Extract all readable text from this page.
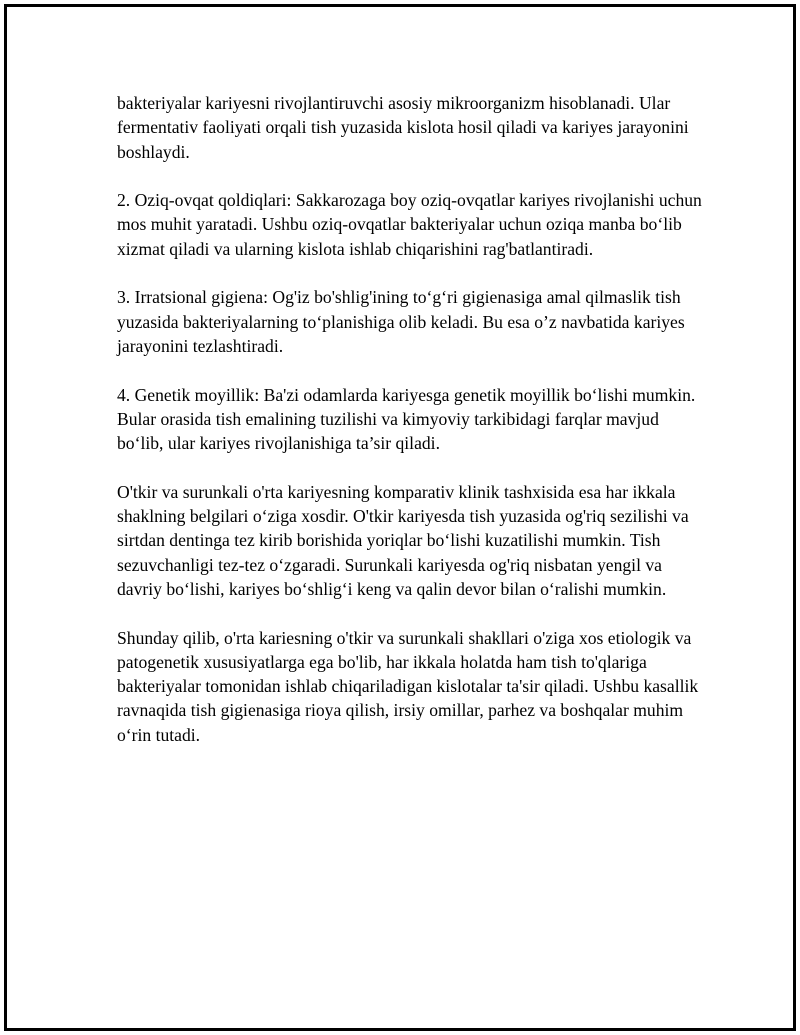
bakteriyalar kariyesni rivojlantiruvchi asosiy mikroorganizm hisoblanadi. Ular fermentativ faoliyati orqali tish yuzasida kislota hosil qiladi va kariyes jarayonini boshlaydi.

2. Oziq-ovqat qoldiqlari: Sakkarozaga boy oziq-ovqatlar kariyes rivojlanishi uchun mos muhit yaratadi. Ushbu oziq-ovqatlar bakteriyalar uchun oziqa manba bo‘lib xizmat qiladi va ularning kislota ishlab chiqarishini rag'batlantiradi.

3. Irratsional gigiena: Og'iz bo'shlig'ining to‘g‘ri gigienasiga amal qilmaslik tish yuzasida bakteriyalarning to‘planishiga olib keladi. Bu esa o’z navbatida kariyes jarayonini tezlashtiradi.

4. Genetik moyillik: Ba'zi odamlarda kariyesga genetik moyillik bo‘lishi mumkin. Bular orasida tish emalining tuzilishi va kimyoviy tarkibidagi farqlar mavjud bo‘lib, ular kariyes rivojlanishiga ta’sir qiladi.

O'tkir va surunkali o'rta kariyesning komparativ klinik tashxisida esa har ikkala shaklning belgilari o‘ziga xosdir. O'tkir kariyesda tish yuzasida og'riq sezilishi va sirtdan dentinga tez kirib borishida yoriqlar bo‘lishi kuzatilishi mumkin. Tish sezuvchanligi tez-tez o‘zgaradi. Surunkali kariyesda og'riq nisbatan yengil va davriy bo‘lishi, kariyes bo‘shlig‘i keng va qalin devor bilan o‘ralishi mumkin.

Shunday qilib, o'rta kariesning o'tkir va surunkali shakllari o'ziga xos etiologik va patogenetik xususiyatlarga ega bo'lib, har ikkala holatda ham tish to'qlariga bakteriyalar tomonidan ishlab chiqariladigan kislotalar ta'sir qiladi. Ushbu kasallik ravnaqida tish gigienasiga rioya qilish, irsiy omillar, parhez va boshqalar muhim o‘rin tutadi.
